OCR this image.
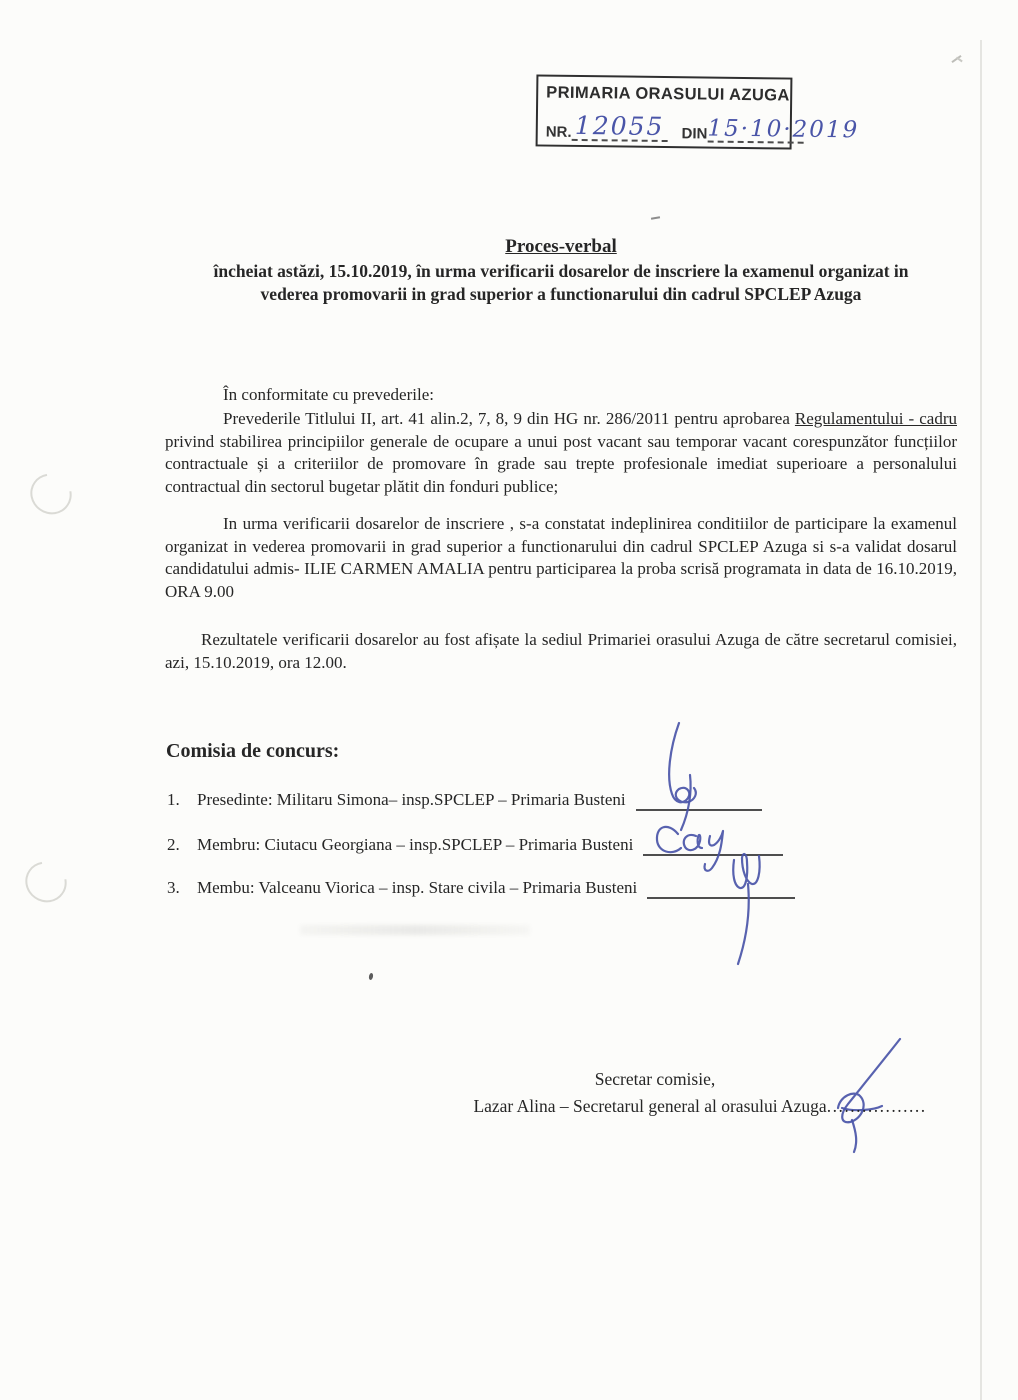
PRIMARIA ORASULUI AZUGA
NR. 12055 DIN 15·10·2019
Proces-verbal
încheiat astăzi, 15.10.2019, în urma verificarii dosarelor de inscriere la examenul organizat in
vederea promovarii in grad superior a functionarului din cadrul SPCLEP Azuga

În conformitate cu prevederile:

Prevederile Titlului II, art. 41 alin.2, 7, 8, 9 din HG nr. 286/2011 pentru aprobarea Regulamentului - cadru privind stabilirea principiilor generale de ocupare a unui post vacant sau temporar vacant corespunzător funcțiilor contractuale și a criteriilor de promovare în grade sau trepte profesionale imediat superioare a personalului contractual din sectorul bugetar plătit din fonduri publice;

In urma verificarii dosarelor de inscriere , s-a constatat indeplinirea conditiilor de participare la examenul organizat in vederea promovarii in grad superior a functionarului din cadrul SPCLEP Azuga si s-a validat dosarul candidatului admis- ILIE CARMEN AMALIA pentru participarea la proba scrisă programata in data de 16.10.2019, ORA 9.00

Rezultatele verificarii dosarelor au fost afișate la sediul Primariei orasului Azuga de către secretarul comisiei, azi, 15.10.2019, ora 12.00.

Comisia de concurs:
1.	Presedinte: Militaru Simona– insp.SPCLEP – Primaria Busteni
2.	Membru: Ciutacu Georgiana – insp.SPCLEP – Primaria Busteni
3.	Membu: Valceanu Viorica – insp. Stare civila – Primaria Busteni
Secretar comisie,
Lazar Alina – Secretarul general al orasului Azuga.................
